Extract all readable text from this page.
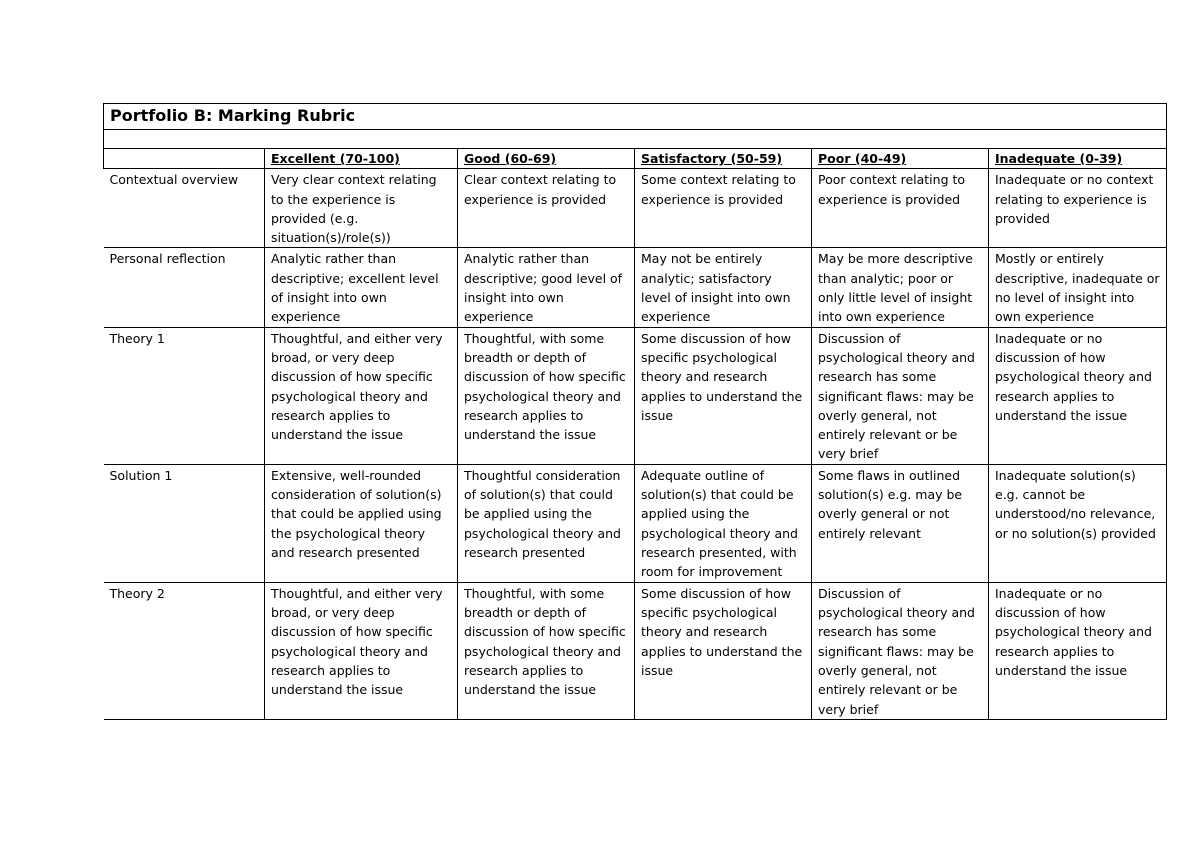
Portfolio B: Marking Rubric					

	Excellent (70-100)	Good (60-69)	Satisfactory (50-59)	Poor (40-49)	Inadequate (0-39)
Contextual overview	Very clear context relating to the experience is provided (e.g. situation(s)/role(s))	Clear context relating to experience is provided	Some context relating to experience is provided	Poor context relating to experience is provided	Inadequate or no context relating to experience is provided
Personal reflection	Analytic rather than descriptive; excellent level of insight into own experience	Analytic rather than descriptive; good level of insight into own experience	May not be entirely analytic; satisfactory level of insight into own experience	May be more descriptive than analytic; poor or only little level of insight into own experience	Mostly or entirely descriptive, inadequate or no level of insight into own experience
Theory 1	Thoughtful, and either very broad, or very deep discussion of how specific psychological theory and research applies to understand the issue	Thoughtful, with some breadth or depth of discussion of how specific psychological theory and research applies to understand the issue	Some discussion of how specific psychological theory and research applies to understand the issue	Discussion of psychological theory and research has some significant flaws: may be overly general, not entirely relevant or be very brief	Inadequate or no discussion of how psychological theory and research applies to understand the issue
Solution 1	Extensive, well-rounded consideration of solution(s) that could be applied using the psychological theory and research presented	Thoughtful consideration of solution(s) that could be applied using the psychological theory and research presented	Adequate outline of solution(s) that could be applied using the psychological theory and research presented, with room for improvement	Some flaws in outlined solution(s) e.g. may be overly general or not entirely relevant	Inadequate solution(s) e.g. cannot be understood/no relevance, or no solution(s) provided
Theory 2	Thoughtful, and either very broad, or very deep discussion of how specific psychological theory and research applies to understand the issue	Thoughtful, with some breadth or depth of discussion of how specific psychological theory and research applies to understand the issue	Some discussion of how specific psychological theory and research applies to understand the issue	Discussion of psychological theory and research has some significant flaws: may be overly general, not entirely relevant or be very brief	Inadequate or no discussion of how psychological theory and research applies to understand the issue
